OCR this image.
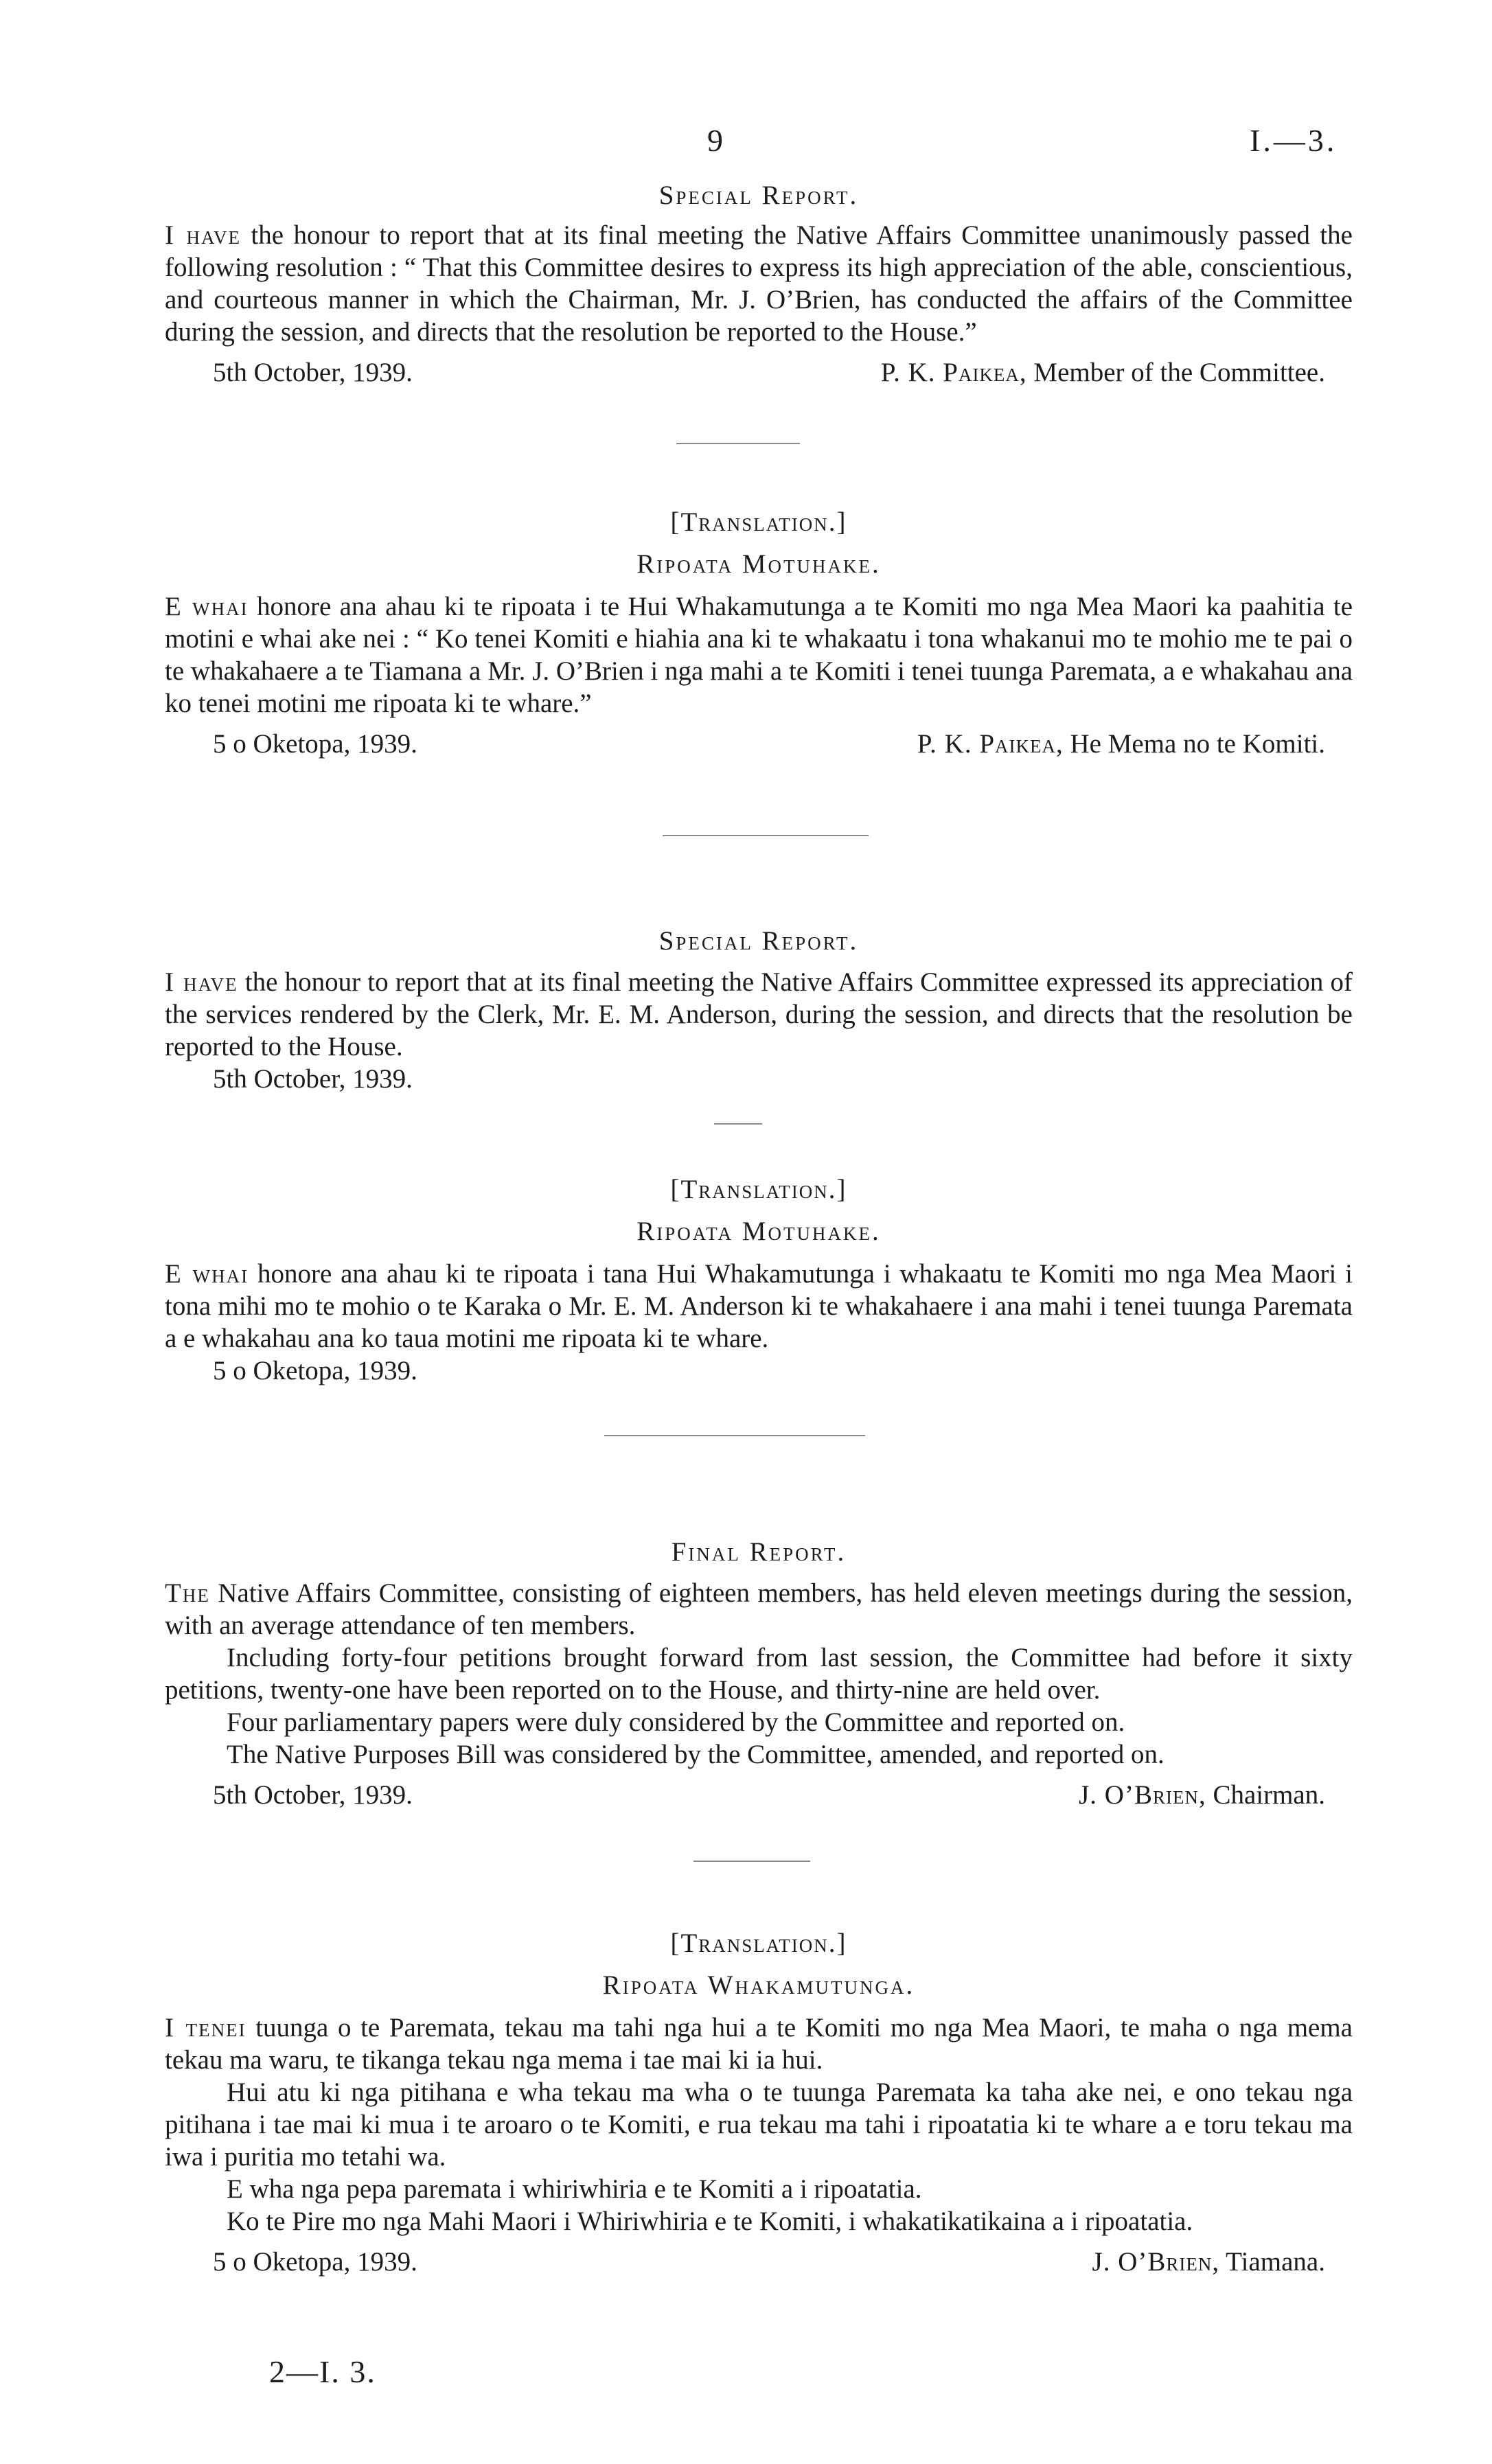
9	I.—3.

Special Report.

I have the honour to report that at its final meeting the Native Affairs Committee unanimously passed the following resolution : “ That this Committee desires to express its high appreciation of the able, conscientious, and courteous manner in which the Chairman, Mr. J. O’Brien, has conducted the affairs of the Committee during the session, and directs that the resolution be reported to the House.”

5th October, 1939.	P. K. Paikea, Member of the Committee.

[Translation.]

Ripoata Motuhake.

E whai honore ana ahau ki te ripoata i te Hui Whakamutunga a te Komiti mo nga Mea Maori ka paahitia te motini e whai ake nei : “ Ko tenei Komiti e hiahia ana ki te whakaatu i tona whakanui mo te mohio me te pai o te whakahaere a te Tiamana a Mr. J. O’Brien i nga mahi a te Komiti i tenei tuunga Paremata, a e whakahau ana ko tenei motini me ripoata ki te whare.”

5 o Oketopa, 1939.	P. K. Paikea, He Mema no te Komiti.

Special Report.

I have the honour to report that at its final meeting the Native Affairs Committee expressed its appreciation of the services rendered by the Clerk, Mr. E. M. Anderson, during the session, and directs that the resolution be reported to the House.

5th October, 1939.

[Translation.]

Ripoata Motuhake.

E whai honore ana ahau ki te ripoata i tana Hui Whakamutunga i whakaatu te Komiti mo nga Mea Maori i tona mihi mo te mohio o te Karaka o Mr. E. M. Anderson ki te whakahaere i ana mahi i tenei tuunga Paremata a e whakahau ana ko taua motini me ripoata ki te whare.

5 o Oketopa, 1939.

Final Report.

The Native Affairs Committee, consisting of eighteen members, has held eleven meetings during the session, with an average attendance of ten members.

Including forty-four petitions brought forward from last session, the Committee had before it sixty petitions, twenty-one have been reported on to the House, and thirty-nine are held over.

Four parliamentary papers were duly considered by the Committee and reported on.

The Native Purposes Bill was considered by the Committee, amended, and reported on.

5th October, 1939.	J. O’Brien, Chairman.

[Translation.]

Ripoata Whakamutunga.

I tenei tuunga o te Paremata, tekau ma tahi nga hui a te Komiti mo nga Mea Maori, te maha o nga mema tekau ma waru, te tikanga tekau nga mema i tae mai ki ia hui.

Hui atu ki nga pitihana e wha tekau ma wha o te tuunga Paremata ka taha ake nei, e ono tekau nga pitihana i tae mai ki mua i te aroaro o te Komiti, e rua tekau ma tahi i ripoatatia ki te whare a e toru tekau ma iwa i puritia mo tetahi wa.

E wha nga pepa paremata i whiriwhiria e te Komiti a i ripoatatia.

Ko te Pire mo nga Mahi Maori i Whiriwhiria e te Komiti, i whakatikatikaina a i ripoatatia.

5 o Oketopa, 1939.	J. O’Brien, Tiamana.
2—I. 3.
